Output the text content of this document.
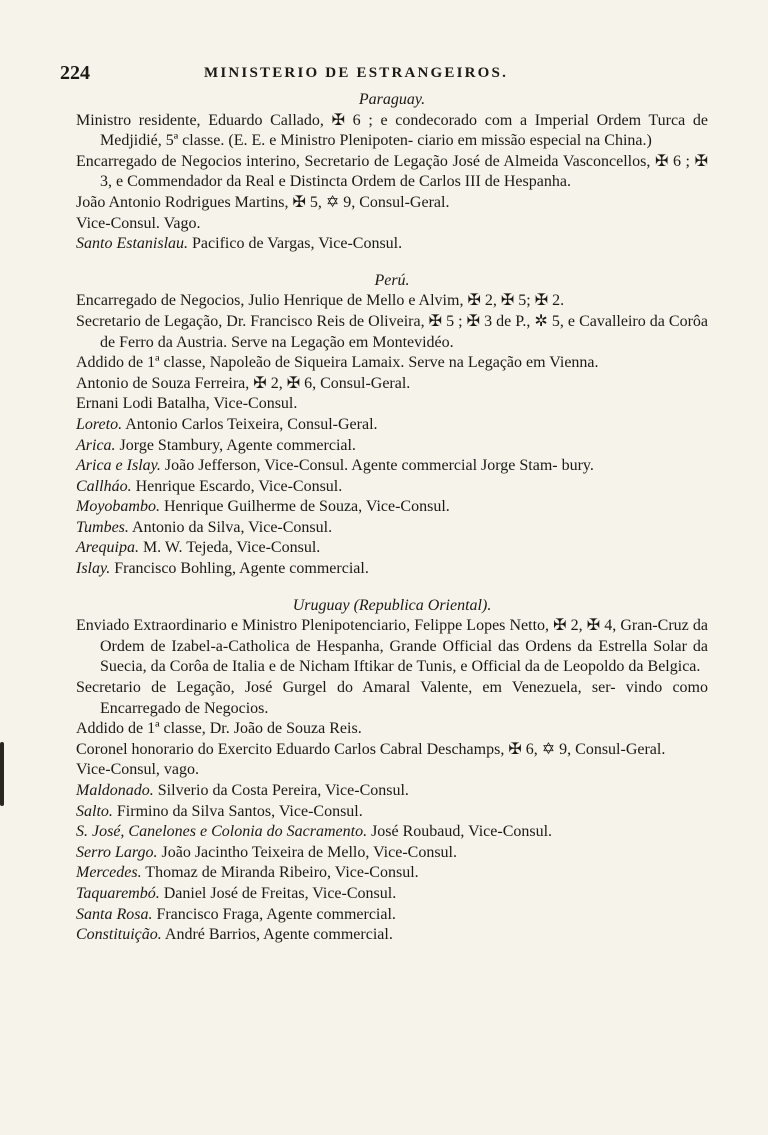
224	MINISTERIO DE ESTRANGEIROS.

Paraguay.

Ministro residente, Eduardo Callado, ✠ 6 ; e condecorado com a Imperial Ordem Turca de Medjidié, 5ª classe. (E. E. e Ministro Plenipoten- ciario em missão especial na China.)

Encarregado de Negocios interino, Secretario de Legação José de Almeida Vasconcellos, ✠ 6 ; ✠ 3, e Commendador da Real e Distincta Ordem de Carlos III de Hespanha.

João Antonio Rodrigues Martins, ✠ 5, ✡ 9, Consul-Geral.

Vice-Consul. Vago.

Santo Estanislau. Pacifico de Vargas, Vice-Consul.

Perú.

Encarregado de Negocios, Julio Henrique de Mello e Alvim, ✠ 2, ✠ 5; ✠ 2.

Secretario de Legação, Dr. Francisco Reis de Oliveira, ✠ 5 ; ✠ 3 de P., ✲ 5, e Cavalleiro da Corôa de Ferro da Austria. Serve na Legação em Montevidéo.

Addido de 1ª classe, Napoleão de Siqueira Lamaix. Serve na Legação em Vienna.

Antonio de Souza Ferreira, ✠ 2, ✠ 6, Consul-Geral.

Ernani Lodi Batalha, Vice-Consul.

Loreto. Antonio Carlos Teixeira, Consul-Geral.

Arica. Jorge Stambury, Agente commercial.

Arica e Islay. João Jefferson, Vice-Consul. Agente commercial Jorge Stam- bury.

Callháo. Henrique Escardo, Vice-Consul.

Moyobambo. Henrique Guilherme de Souza, Vice-Consul.

Tumbes. Antonio da Silva, Vice-Consul.

Arequipa. M. W. Tejeda, Vice-Consul.

Islay. Francisco Bohling, Agente commercial.

Uruguay (Republica Oriental).

Enviado Extraordinario e Ministro Plenipotenciario, Felippe Lopes Netto, ✠ 2, ✠ 4, Gran-Cruz da Ordem de Izabel-a-Catholica de Hespanha, Grande Official das Ordens da Estrella Solar da Suecia, da Corôa de Italia e de Nicham Iftikar de Tunis, e Official da de Leopoldo da Belgica.

Secretario de Legação, José Gurgel do Amaral Valente, em Venezuela, ser- vindo como Encarregado de Negocios.

Addido de 1ª classe, Dr. João de Souza Reis.

Coronel honorario do Exercito Eduardo Carlos Cabral Deschamps, ✠ 6, ✡ 9, Consul-Geral.

Vice-Consul, vago.

Maldonado. Silverio da Costa Pereira, Vice-Consul.

Salto. Firmino da Silva Santos, Vice-Consul.

S. José, Canelones e Colonia do Sacramento. José Roubaud, Vice-Consul.

Serro Largo. João Jacintho Teixeira de Mello, Vice-Consul.

Mercedes. Thomaz de Miranda Ribeiro, Vice-Consul.

Taquarembó. Daniel José de Freitas, Vice-Consul.

Santa Rosa. Francisco Fraga, Agente commercial.

Constituição. André Barrios, Agente commercial.
